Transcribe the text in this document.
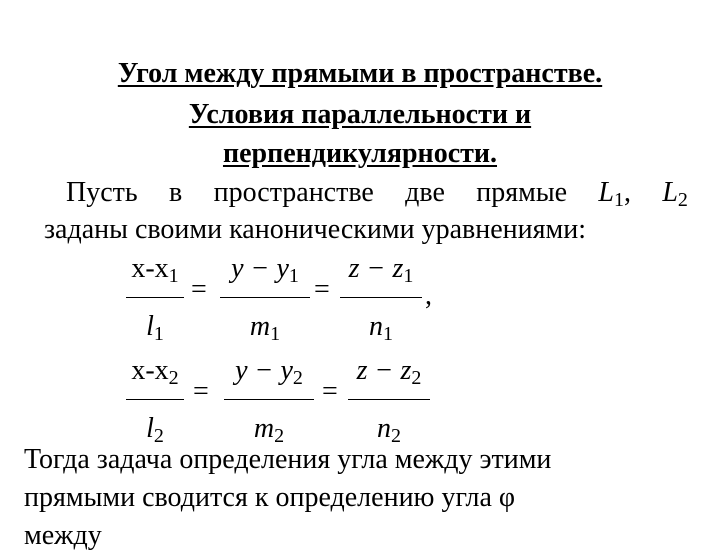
Угол между прямыми в пространстве.
Условия параллельности и
перпендикулярности.
Пусть в пространстве две прямые $L_1$, $L_2$
заданы своими каноническими уравнениями:
$x-x_1$
$l_1$
=
$y - y_1$
$m_1$
=
$z - z_1$
$n_1$
,
$x-x_2$
$l_2$
=
$y - y_2$
$m_2$
=
$z - z_2$
$n_2$
Тогда задача определения угла между этими
прямыми сводится к определению угла φ
между
